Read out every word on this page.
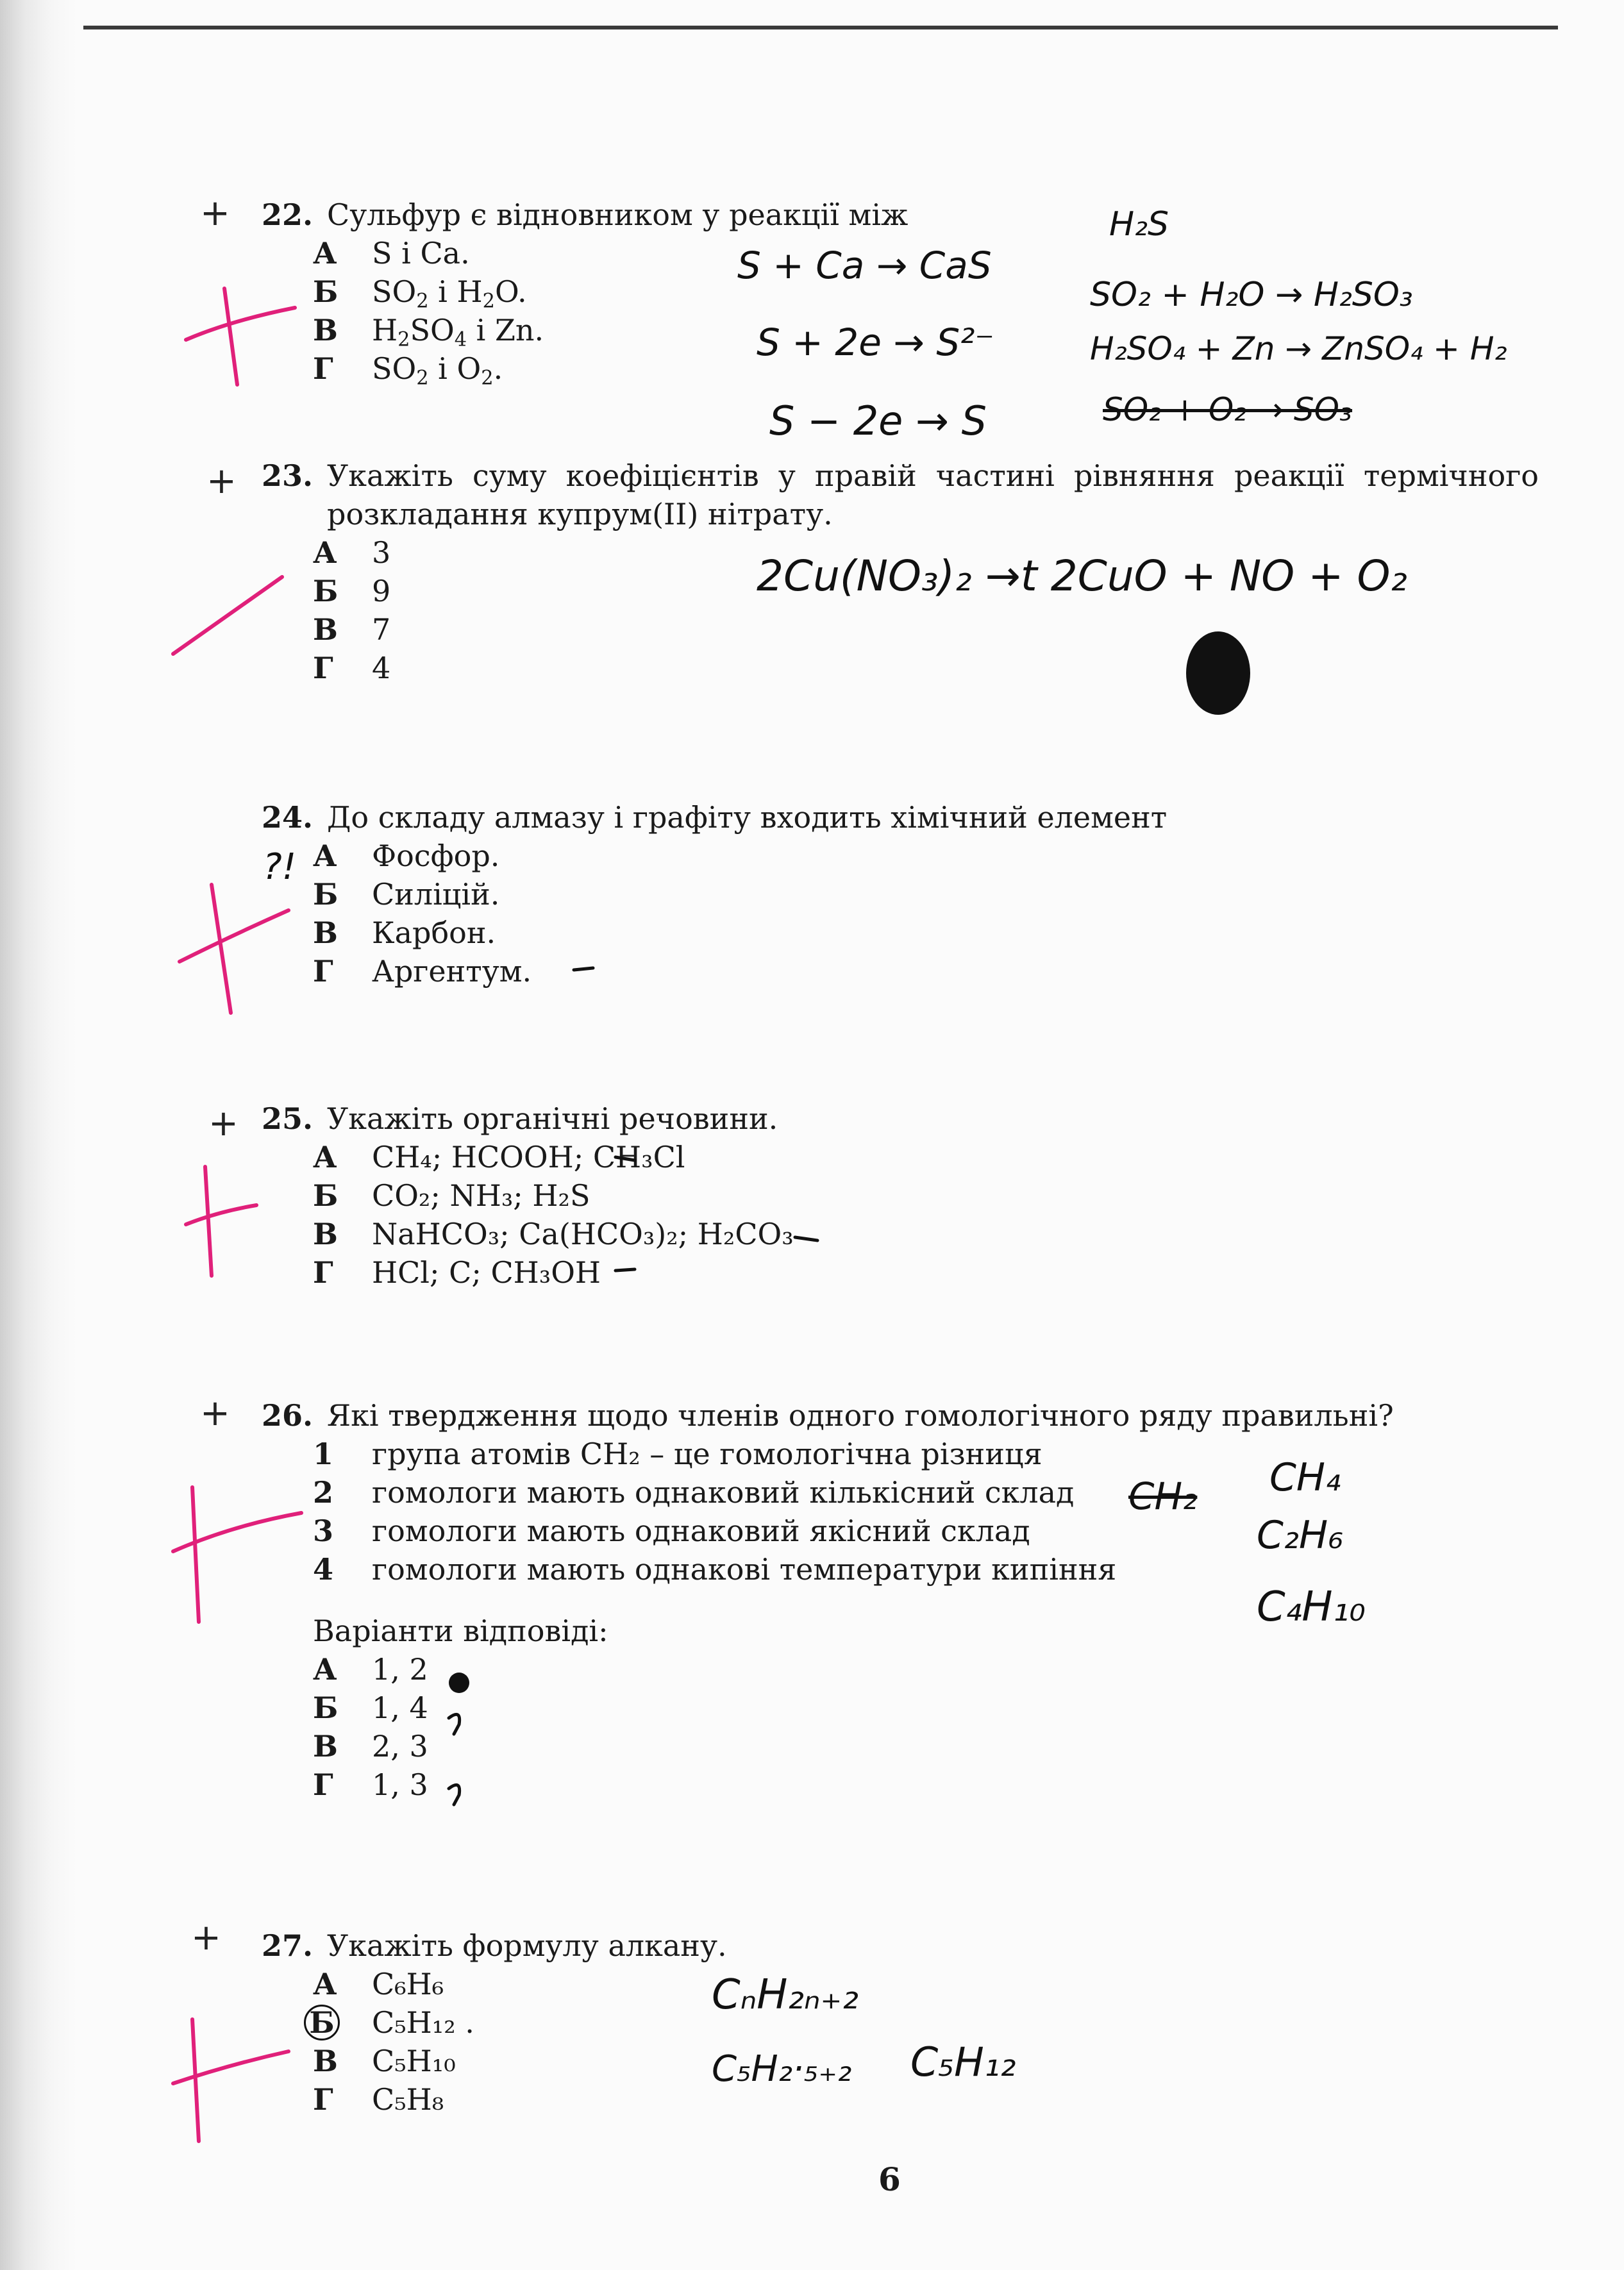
22. Сульфур є відновником у реакції між
А	S і Ca.
Б	$SO_2$ і $H_2O$.
В	$H_2SO_4$ і Zn.
Г	$SO_2$ і $O_2$.
+
S + Ca → CaS
H₂S
S + 2e → S²⁻
S − 2e → S
SO₂ + H₂O → H₂SO₃
H₂SO₄ + Zn → ZnSO₄ + H₂
SO₂ + O₂ → SO₃
23. Укажіть суму коефіцієнтів у правій частині рівняння реакції термічного розкладання купрум(ІІ) нітрату.
А	3
Б	9
В	7
Г	4
+
2Cu(NO₃)₂ →t 2CuO + NO + O₂
24. До складу алмазу і графіту входить хімічний елемент
А	Фосфор.
Б	Силіцій.
В	Карбон.
Г	Аргентум.
?!
25. Укажіть органічні речовини.
А	CH₄; HCOOH; CH₃Cl
Б	CO₂; NH₃; H₂S
В	NaHCO₃; Ca(HCO₃)₂; H₂CO₃
Г	HCl; C; CH₃OH
+
26. Які твердження щодо членів одного гомологічного ряду правильні?
1	група атомів CH₂ – це гомологічна різниця
2	гомологи мають однаковий кількісний склад
3	гомологи мають однаковий якісний склад
4	гомологи мають однакові температури кипіння
Варіанти відповіді:
А	1, 2
Б	1, 4
В	2, 3
Г	1, 3
+
CH₂ CH₄
C₂H₆
C₄H₁₀
27. Укажіть формулу алкану.
А	C₆H₆
Б	C₅H₁₂ .
В	C₅H₁₀
Г	C₅H₈
+
CₙH₂ₙ₊₂
C₅H₂·₅₊₂ C₅H₁₂
6
